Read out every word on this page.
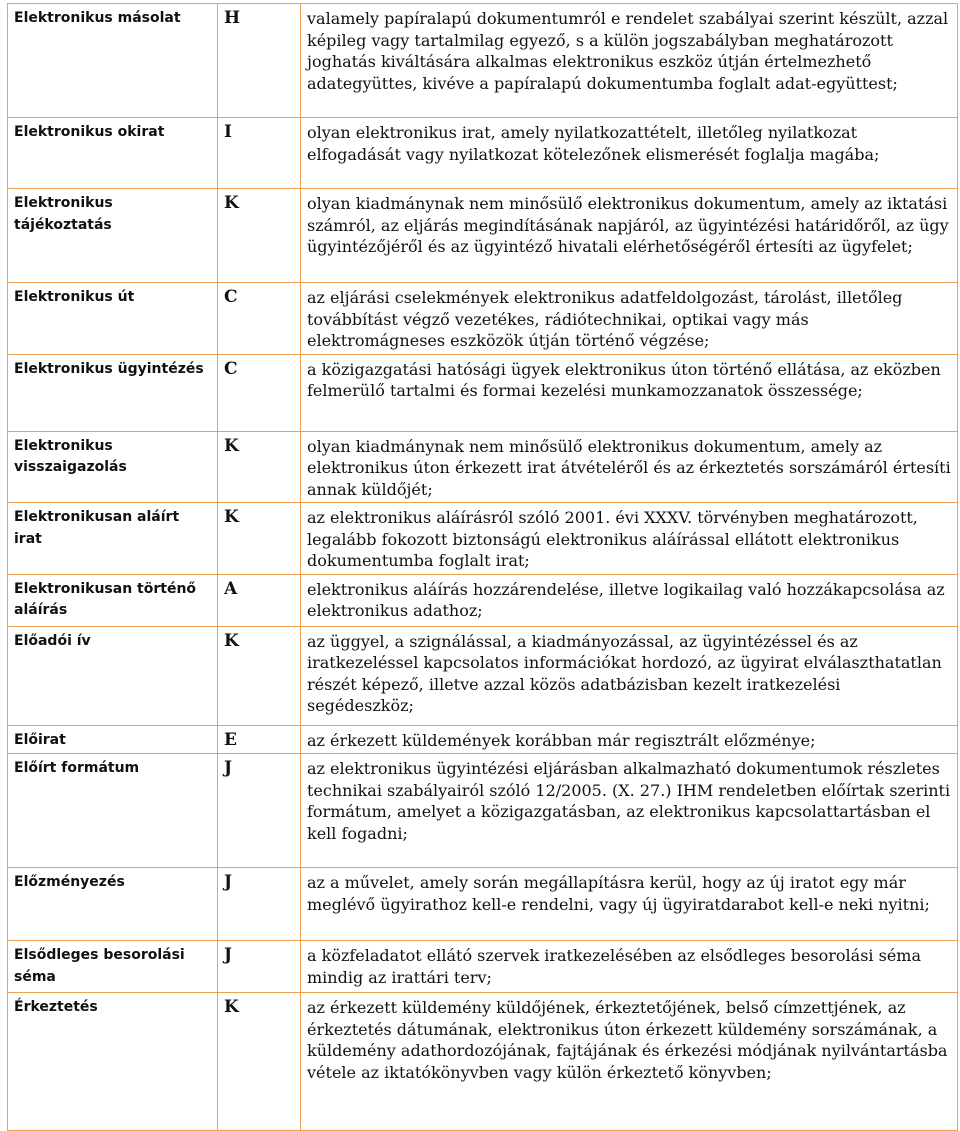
Elektronikus másolat	H	valamely papíralapú dokumentumról e rendelet szabályai szerint készült, azzal képileg vagy tartalmilag egyező, s a külön jogszabályban meghatározott joghatás kiváltására alkalmas elektronikus eszköz útján értelmezhető adategyüttes, kivéve a papíralapú dokumentumba foglalt adat-együttest;
Elektronikus okirat	I	olyan elektronikus irat, amely nyilatkozattételt, illetőleg nyilatkozat elfogadását vagy nyilatkozat kötelezőnek elismerését foglalja magába;
Elektronikus tájékoztatás	K	olyan kiadmánynak nem minősülő elektronikus dokumentum, amely az iktatási számról, az eljárás megindításának napjáról, az ügyintézési határidőről, az ügy ügyintézőjéről és az ügyintéző hivatali elérhetőségéről értesíti az ügyfelet;
Elektronikus út	C	az eljárási cselekmények elektronikus adatfeldolgozást, tárolást, illetőleg továbbítást végző vezetékes, rádiótechnikai, optikai vagy más elektromágneses eszközök útján történő végzése;
Elektronikus ügyintézés	C	a közigazgatási hatósági ügyek elektronikus úton történő ellátása, az eközben felmerülő tartalmi és formai kezelési munkamozzanatok összessége;
Elektronikus visszaigazolás	K	olyan kiadmánynak nem minősülő elektronikus dokumentum, amely az elektronikus úton érkezett irat átvételéről és az érkeztetés sorszámáról értesíti annak küldőjét;
Elektronikusan aláírt irat	K	az elektronikus aláírásról szóló 2001. évi XXXV. törvényben meghatározott, legalább fokozott biztonságú elektronikus aláírással ellátott elektronikus dokumentumba foglalt irat;
Elektronikusan történő aláírás	A	elektronikus aláírás hozzárendelése, illetve logikailag való hozzákapcsolása az elektronikus adathoz;
Előadói ív	K	az üggyel, a szignálással, a kiadmányozással, az ügyintézéssel és az iratkezeléssel kapcsolatos információkat hordozó, az ügyirat elválaszthatatlan részét képező, illetve azzal közös adatbázisban kezelt iratkezelési segédeszköz;
Előirat	E	az érkezett küldemények korábban már regisztrált előzménye;
Előírt formátum	J	az elektronikus ügyintézési eljárásban alkalmazható dokumentumok részletes technikai szabályairól szóló 12/2005. (X. 27.) IHM rendeletben előírtak szerinti formátum, amelyet a közigazgatásban, az elektronikus kapcsolattartásban el kell fogadni;
Előzményezés	J	az a művelet, amely során megállapításra kerül, hogy az új iratot egy már meglévő ügyirathoz kell-e rendelni, vagy új ügyiratdarabot kell-e neki nyitni;
Elsődleges besorolási séma	J	a közfeladatot ellátó szervek iratkezelésében az elsődleges besorolási séma mindig az irattári terv;
Érkeztetés	K	az érkezett küldemény küldőjének, érkeztetőjének, belső címzettjének, az érkeztetés dátumának, elektronikus úton érkezett küldemény sorszámának, a küldemény adathordozójának, fajtájának és érkezési módjának nyilvántartásba vétele az iktatókönyvben vagy külön érkeztető könyvben;
